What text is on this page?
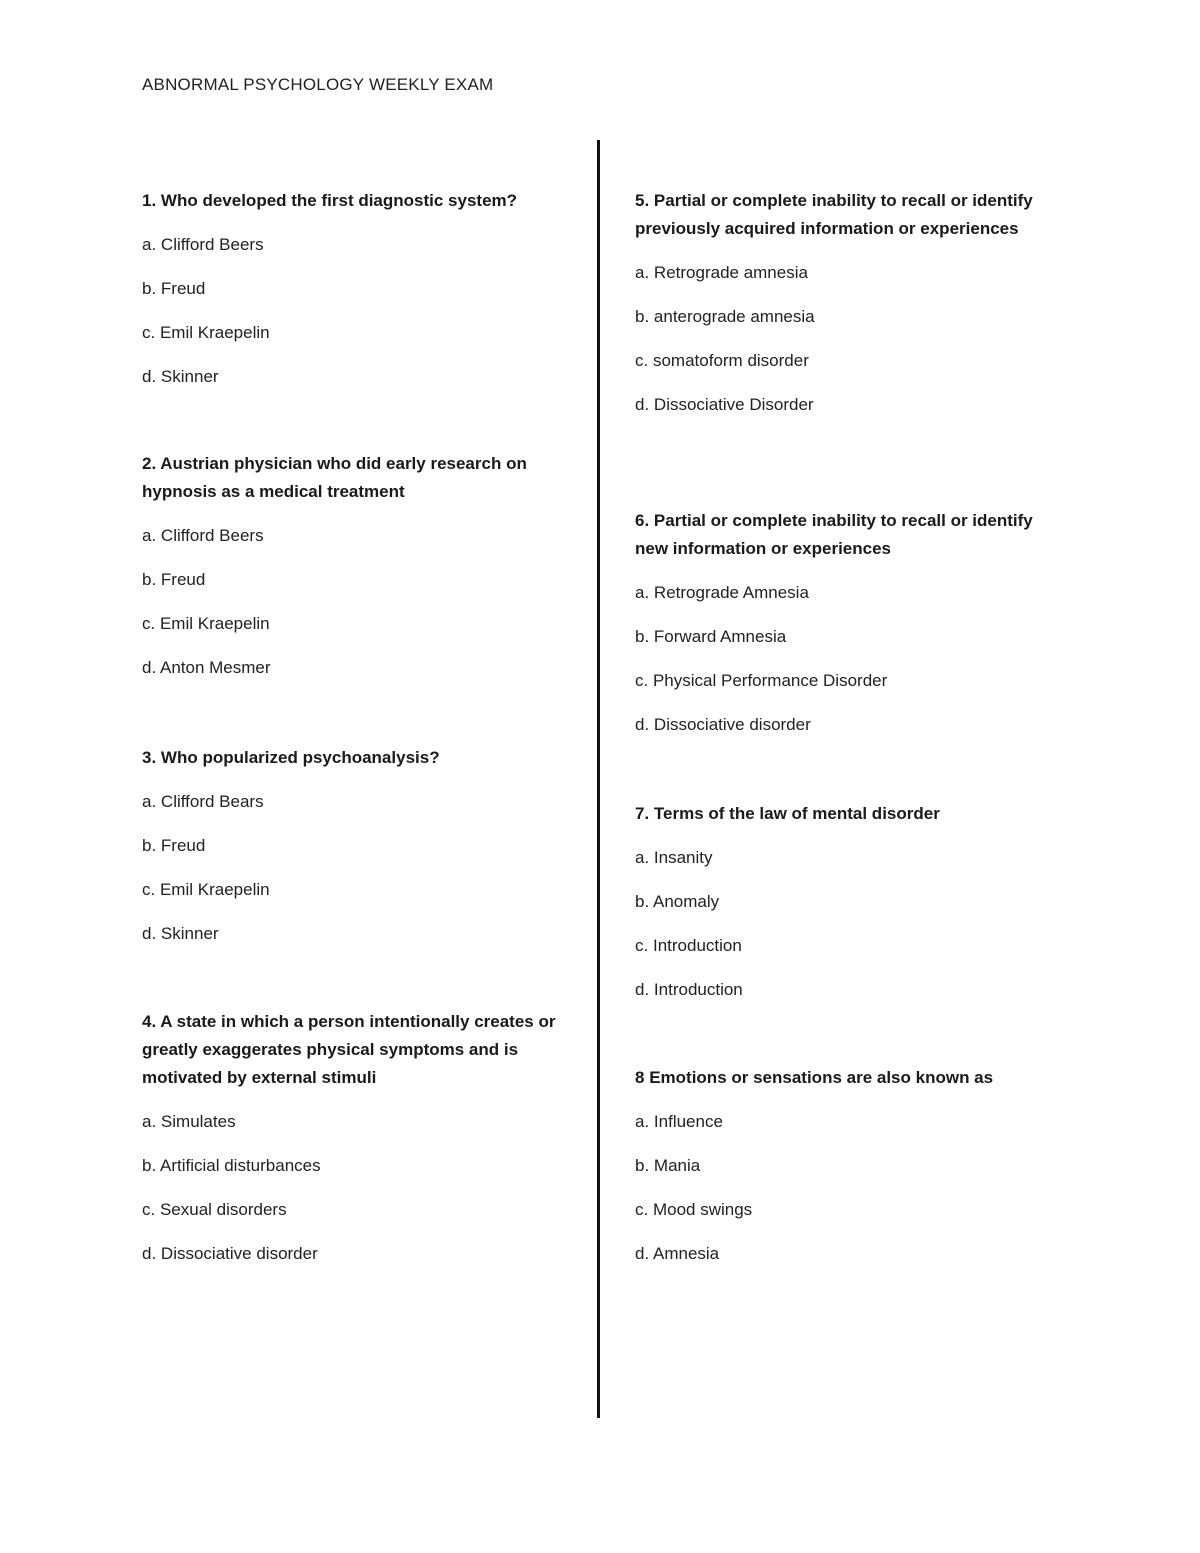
ABNORMAL PSYCHOLOGY WEEKLY EXAM
1. Who developed the first diagnostic system?
a. Clifford Beers
b. Freud
c. Emil Kraepelin
d. Skinner
2. Austrian physician who did early research on hypnosis as a medical treatment
a. Clifford Beers
b. Freud
c. Emil Kraepelin
d. Anton Mesmer
3. Who popularized psychoanalysis?
a. Clifford Bears
b. Freud
c. Emil Kraepelin
d. Skinner
4. A state in which a person intentionally creates or greatly exaggerates physical symptoms and is motivated by external stimuli
a. Simulates
b. Artificial disturbances
c. Sexual disorders
d. Dissociative disorder
5. Partial or complete inability to recall or identify previously acquired information or experiences
a. Retrograde amnesia
b. anterograde amnesia
c. somatoform disorder
d. Dissociative Disorder
6. Partial or complete inability to recall or identify new information or experiences
a. Retrograde Amnesia
b. Forward Amnesia
c. Physical Performance Disorder
d. Dissociative disorder
7. Terms of the law of mental disorder
a. Insanity
b. Anomaly
c. Introduction
d. Introduction
8 Emotions or sensations are also known as
a. Influence
b. Mania
c. Mood swings
d. Amnesia
